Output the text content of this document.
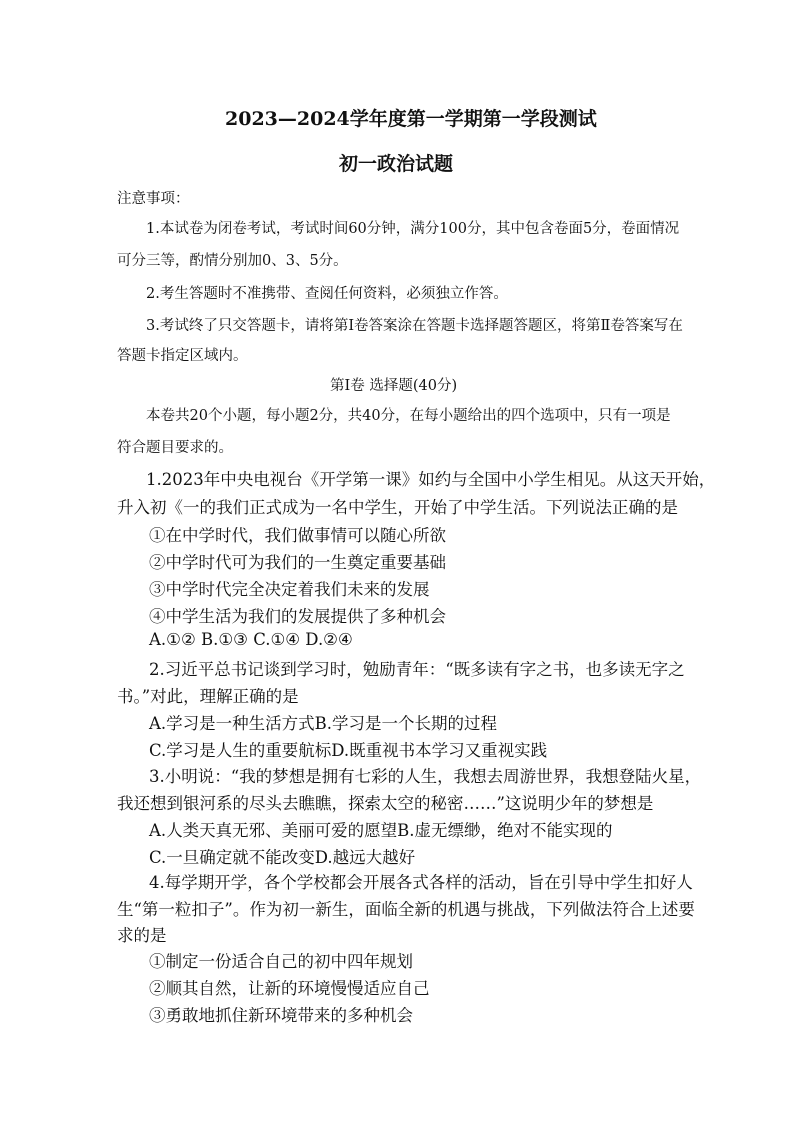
2023—2024学年度第一学期第一学段测试
初一政治试题
注意事项：
1.本试卷为闭卷考试，考试时间60分钟，满分100分，其中包含卷面5分，卷面情况
可分三等，酌情分别加0、3、5分。
2.考生答题时不准携带、查阅任何资料，必须独立作答。
3.考试终了只交答题卡，请将第Ⅰ卷答案涂在答题卡选择题答题区，将第Ⅱ卷答案写在
答题卡指定区域内。
第Ⅰ卷 选择题(40分)
本卷共20个小题，每小题2分，共40分，在每小题给出的四个选项中，只有一项是
符合题目要求的。
1.2023年中央电视台《开学第一课》如约与全国中小学生相见。从这天开始，
升入初《一的我们正式成为一名中学生，开始了中学生活。下列说法正确的是
①在中学时代，我们做事情可以随心所欲
②中学时代可为我们的一生奠定重要基础
③中学时代完全决定着我们未来的发展
④中学生活为我们的发展提供了多种机会
A.①② B.①③ C.①④ D.②④
2.习近平总书记谈到学习时，勉励青年：“既多读有字之书，也多读无字之
书。”对此，理解正确的是
A.学习是一种生活方式B.学习是一个长期的过程
C.学习是人生的重要航标D.既重视书本学习又重视实践
3.小明说：“我的梦想是拥有七彩的人生，我想去周游世界，我想登陆火星，
我还想到银河系的尽头去瞧瞧，探索太空的秘密……”这说明少年的梦想是
A.人类天真无邪、美丽可爱的愿望B.虚无缥缈，绝对不能实现的
C.一旦确定就不能改变D.越远大越好
4.每学期开学，各个学校都会开展各式各样的活动，旨在引导中学生扣好人
生“第一粒扣子”。作为初一新生，面临全新的机遇与挑战，下列做法符合上述要
求的是
①制定一份适合自己的初中四年规划
②顺其自然，让新的环境慢慢适应自己
③勇敢地抓住新环境带来的多种机会
